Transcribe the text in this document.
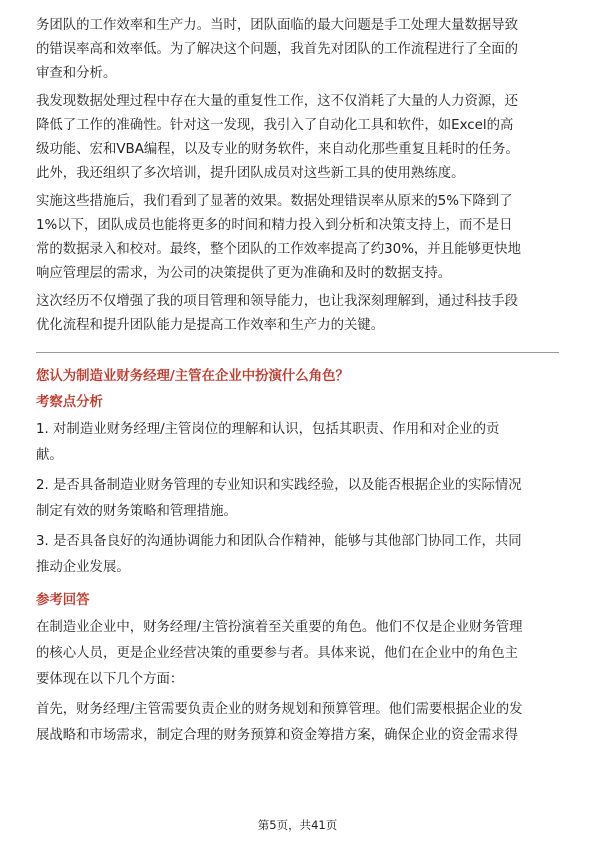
务团队的工作效率和生产力。当时，团队面临的最大问题是手工处理大量数据导致
的错误率高和效率低。为了解决这个问题，我首先对团队的工作流程进行了全面的
审查和分析。

我发现数据处理过程中存在大量的重复性工作，这不仅消耗了大量的人力资源，还
降低了工作的准确性。针对这一发现，我引入了自动化工具和软件，如Excel的高
级功能、宏和VBA编程，以及专业的财务软件，来自动化那些重复且耗时的任务。
此外，我还组织了多次培训，提升团队成员对这些新工具的使用熟练度。

实施这些措施后，我们看到了显著的效果。数据处理错误率从原来的5%下降到了
1%以下，团队成员也能将更多的时间和精力投入到分析和决策支持上，而不是日
常的数据录入和校对。最终，整个团队的工作效率提高了约30%，并且能够更快地
响应管理层的需求，为公司的决策提供了更为准确和及时的数据支持。

这次经历不仅增强了我的项目管理和领导能力，也让我深刻理解到，通过科技手段
优化流程和提升团队能力是提高工作效率和生产力的关键。

您认为制造业财务经理/主管在企业中扮演什么角色？
考察点分析

1. 对制造业财务经理/主管岗位的理解和认识，包括其职责、作用和对企业的贡
献。

2. 是否具备制造业财务管理的专业知识和实践经验，以及能否根据企业的实际情况
制定有效的财务策略和管理措施。

3. 是否具备良好的沟通协调能力和团队合作精神，能够与其他部门协同工作，共同
推动企业发展。

参考回答

在制造业企业中，财务经理/主管扮演着至关重要的角色。他们不仅是企业财务管理
的核心人员，更是企业经营决策的重要参与者。具体来说，他们在企业中的角色主
要体现在以下几个方面：

首先，财务经理/主管需要负责企业的财务规划和预算管理。他们需要根据企业的发
展战略和市场需求，制定合理的财务预算和资金筹措方案，确保企业的资金需求得

第5页，共41页
